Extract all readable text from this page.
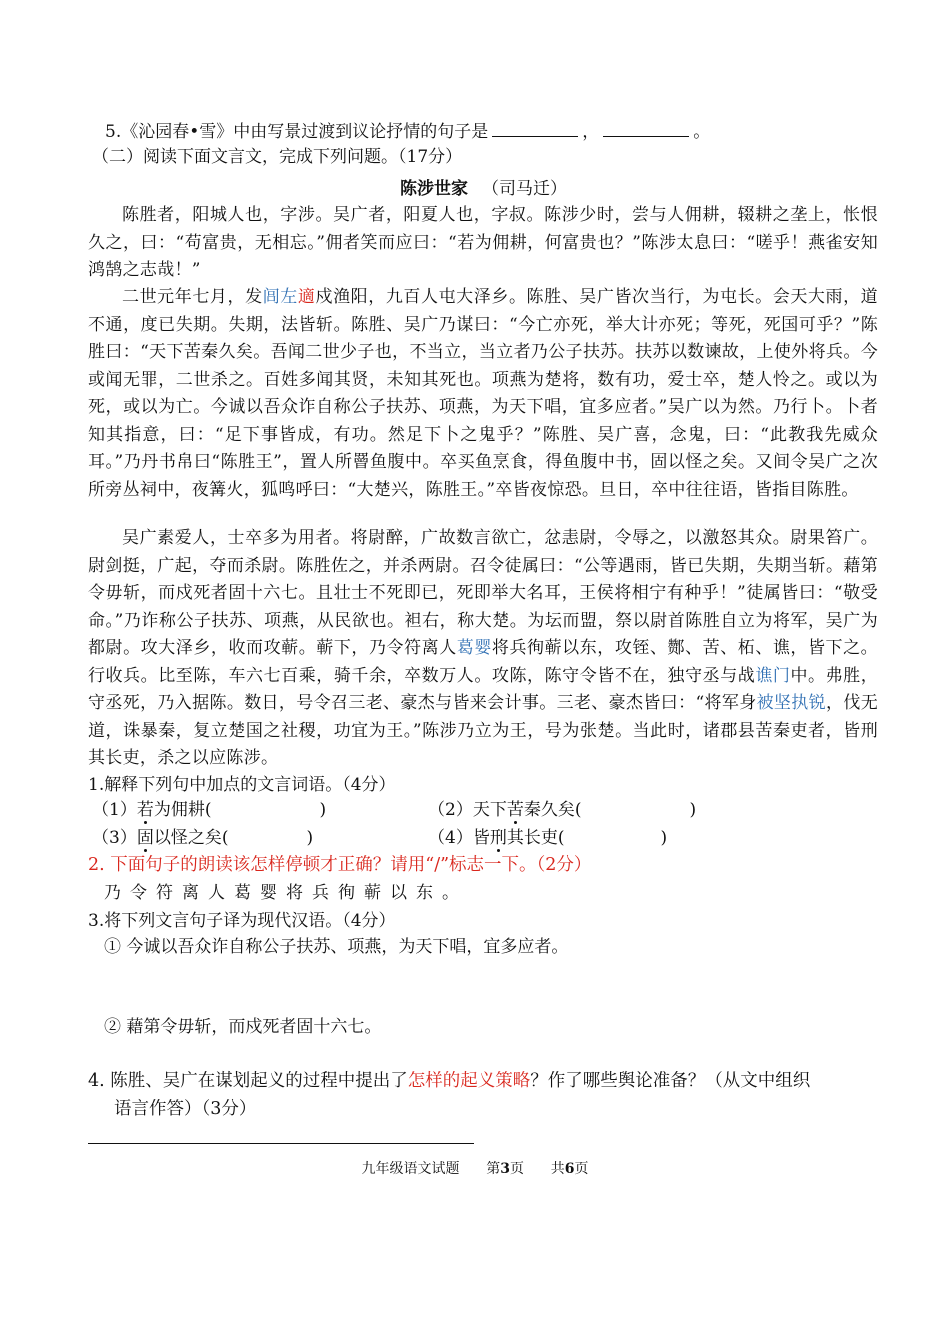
5.《沁园春•雪》中由写景过渡到议论抒情的句子是	，	。
（二）阅读下面文言文，完成下列问题。（17分）
陈涉世家 （司马迁）
陈胜者，阳城人也，字涉。吴广者，阳夏人也，字叔。陈涉少时，尝与人佣耕，辍耕之垄上，怅恨久之，曰：“苟富贵，无相忘。”佣者笑而应曰：“若为佣耕，何富贵也？”陈涉太息曰：“嗟乎！燕雀安知鸿鹄之志哉！”
二世元年七月，发闾左適戍渔阳，九百人屯大泽乡。陈胜、吴广皆次当行，为屯长。会天大雨，道不通，度已失期。失期，法皆斩。陈胜、吴广乃谋曰：“今亡亦死，举大计亦死；等死，死国可乎？”陈胜曰：“天下苦秦久矣。吾闻二世少子也，不当立，当立者乃公子扶苏。扶苏以数谏故，上使外将兵。今或闻无罪，二世杀之。百姓多闻其贤，未知其死也。项燕为楚将，数有功，爱士卒，楚人怜之。或以为死，或以为亡。今诚以吾众诈自称公子扶苏、项燕，为天下唱，宜多应者。”吴广以为然。乃行卜。卜者知其指意，曰：“足下事皆成，有功。然足下卜之鬼乎？”陈胜、吴广喜，念鬼，曰：“此教我先威众耳。”乃丹书帛曰“陈胜王”，置人所罾鱼腹中。卒买鱼烹食，得鱼腹中书，固以怪之矣。又间令吴广之次所旁丛祠中，夜篝火，狐鸣呼曰：“大楚兴，陈胜王。”卒皆夜惊恐。旦日，卒中往往语，皆指目陈胜。
吴广素爱人，士卒多为用者。将尉醉，广故数言欲亡，忿恚尉，令辱之，以激怒其众。尉果笞广。尉剑挺，广起，夺而杀尉。陈胜佐之，并杀两尉。召令徒属曰：“公等遇雨，皆已失期，失期当斩。藉第令毋斩，而戍死者固十六七。且壮士不死即已，死即举大名耳，王侯将相宁有种乎！”徒属皆曰：“敬受命。”乃诈称公子扶苏、项燕，从民欲也。袒右，称大楚。为坛而盟，祭以尉首陈胜自立为将军，吴广为都尉。攻大泽乡，收而攻蕲。蕲下，乃令符离人葛婴将兵徇蕲以东，攻铚、酂、苦、柘、谯，皆下之。行收兵。比至陈，车六七百乘，骑千余，卒数万人。攻陈，陈守令皆不在，独守丞与战谯门中。弗胜，守丞死，乃入据陈。数日，号令召三老、豪杰与皆来会计事。三老、豪杰皆曰：“将军身被坚执锐，伐无道，诛暴秦，复立楚国之社稷，功宜为王。”陈涉乃立为王，号为张楚。当此时，诸郡县苦秦吏者，皆刑其长吏，杀之以应陈涉。
1.解释下列句中加点的文言词语。（4分）
（1）若为佣耕(	)	（2）天下苦秦久矣(	)
（3）固以怪之矣(	)	（4）皆刑其长吏(	)
2. 下面句子的朗读该怎样停顿才正确？请用“/”标志一下。（2分）
乃令符离人葛婴将兵徇蕲以东。
3.将下列文言句子译为现代汉语。（4分）
① 今诚以吾众诈自称公子扶苏、项燕，为天下唱，宜多应者。
② 藉第令毋斩，而戍死者固十六七。
4. 陈胜、吴广在谋划起义的过程中提出了怎样的起义策略？作了哪些舆论准备？（从文中组织
语言作答）（3分）
九年级语文试题 第3页 共6页
